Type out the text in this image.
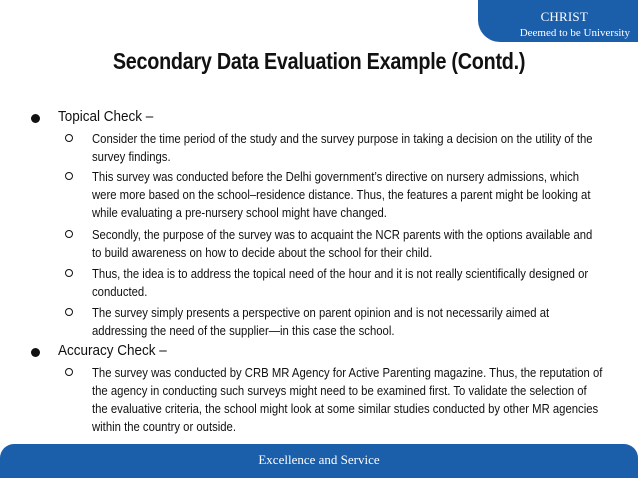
CHRIST
Deemed to be University
Secondary Data Evaluation Example (Contd.)
Topical Check –
Consider the time period of the study and the survey purpose in taking a decision on the utility of the survey findings.
This survey was conducted before the Delhi government’s directive on nursery admissions, which were more based on the school–residence distance. Thus, the features a parent might be looking at while evaluating a pre-nursery school might have changed.
Secondly, the purpose of the survey was to acquaint the NCR parents with the options available and to build awareness on how to decide about the school for their child.
Thus, the idea is to address the topical need of the hour and it is not really scientifically designed or conducted.
The survey simply presents a perspective on parent opinion and is not necessarily aimed at addressing the need of the supplier—in this case the school.
Accuracy Check –
The survey was conducted by CRB MR Agency for Active Parenting magazine. Thus, the reputation of the agency in conducting such surveys might need to be examined first. To validate the selection of the evaluative criteria, the school might look at some similar studies conducted by other MR agencies within the country or outside.
Excellence and Service
